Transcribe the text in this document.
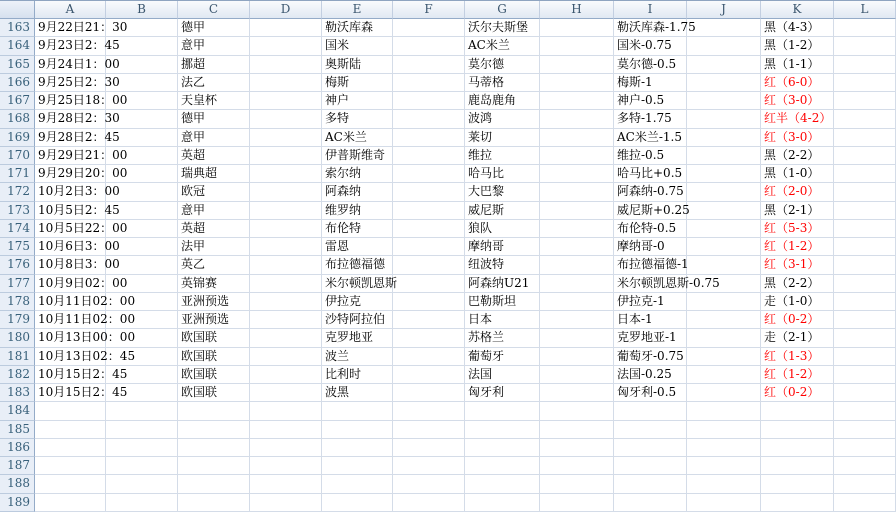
A	B	C	D	E	F	G	H	I	J	K	L
163 9月22日21：30	德甲	勒沃库森	沃尔夫斯堡	勒沃库森-1.75	黑（4-3）
164 9月23日2：45	意甲	国米	AC米兰	国米-0.75	黑（1-2）
165 9月24日1：00	挪超	奥斯陆	莫尔德	莫尔德-0.5	黑（1-1）
166 9月25日2：30	法乙	梅斯	马蒂格	梅斯-1	红（6-0）
167 9月25日18：00	天皇杯	神户	鹿岛鹿角	神户-0.5	红（3-0）
168 9月28日2：30	德甲	多特	波鸿	多特-1.75	红半（4-2）
169 9月28日2：45	意甲	AC米兰	莱切	AC米兰-1.5	红（3-0）
170 9月29日21：00	英超	伊普斯维奇	维拉	维拉-0.5	黑（2-2）
171 9月29日20：00	瑞典超	索尔纳	哈马比	哈马比+0.5	黑（1-0）
172 10月2日3：00	欧冠	阿森纳	大巴黎	阿森纳-0.75	红（2-0）
173 10月5日2：45	意甲	维罗纳	威尼斯	威尼斯+0.25	黑（2-1）
174 10月5日22：00	英超	布伦特	狼队	布伦特-0.5	红（5-3）
175 10月6日3：00	法甲	雷恩	摩纳哥	摩纳哥-0	红（1-2）
176 10月8日3：00	英乙	布拉德福德	纽波特	布拉德福德-1	红（3-1）
177 10月9日02：00	英锦赛	米尔顿凯恩斯	阿森纳U21	米尔顿凯恩斯-0.75	黑（2-2）
178 10月11日02：00	亚洲预选	伊拉克	巴勒斯坦	伊拉克-1	走（1-0）
179 10月11日02：00	亚洲预选	沙特阿拉伯	日本	日本-1	红（0-2）
180 10月13日00：00	欧国联	克罗地亚	苏格兰	克罗地亚-1	走（2-1）
181 10月13日02：45	欧国联	波兰	葡萄牙	葡萄牙-0.75	红（1-3）
182 10月15日2：45	欧国联	比利时	法国	法国-0.25	红（1-2）
183 10月15日2：45	欧国联	波黑	匈牙利	匈牙利-0.5	红（0-2）
184
185
186
187
188
189
